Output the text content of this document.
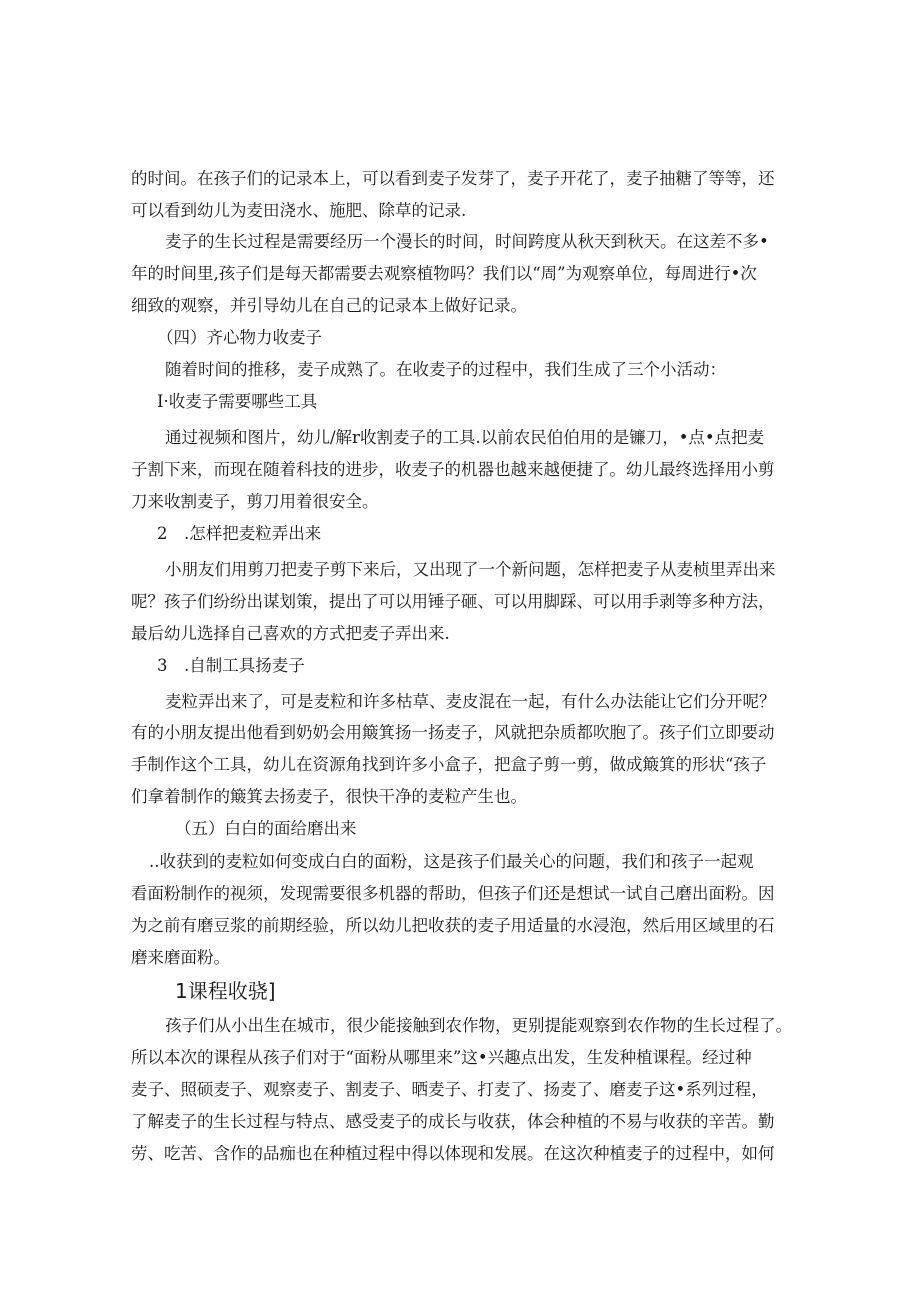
的时间。在孩子们的记录本上，可以看到麦子发芽了，麦子开花了，麦子抽糖了等等，还
可以看到幼儿为麦田浇水、施肥、除草的记录.
麦子的生长过程是需要经历一个漫长的时间，时间跨度从秋天到秋天。在这差不多•
年的时间里,孩子们是每天都需要去观察植物吗？我们以“周”为观察单位，每周进行•次
细致的观察，并引导幼儿在自己的记录本上做好记录。
（四）齐心物力收麦子
随着时间的推移，麦子成熟了。在收麦子的过程中，我们生成了三个小活动：
I·收麦子需要哪些工具
通过视频和图片，幼儿/解r收割麦子的工具.以前农民伯伯用的是镰刀，•点•点把麦
子割下来，而现在随着科技的进步，收麦子的机器也越来越便捷了。幼儿最终选择用小剪
刀来收割麦子，剪刀用着很安全。
2　.怎样把麦粒弄出来
小朋友们用剪刀把麦子剪下来后，又出现了一个新问题，怎样把麦子从麦桢里弄出来
呢？孩子们纷纷出谋划策，提出了可以用锤子砸、可以用脚踩、可以用手剥等多种方法，
最后幼儿选择自己喜欢的方式把麦子弄出来.
3　.自制工具扬麦子
麦粒弄出来了，可是麦粒和许多枯草、麦皮混在一起，有什么办法能让它们分开呢？
有的小朋友提出他看到奶奶会用簸箕扬一扬麦子，风就把杂质都吹胞了。孩子们立即要动
手制作这个工具，幼儿在资源角找到许多小盒子，把盒子剪一剪，做成簸箕的形状“孩子
们拿着制作的簸箕去扬麦子，很快干净的麦粒产生也。
（五）白白的面给磨出来
..收获到的麦粒如何变成白白的面粉，这是孩子们最关心的问题，我们和孩子一起观
看面粉制作的视须，发现需要很多机器的帮助，但孩子们还是想试一试自己磨出面粉。因
为之前有磨豆浆的前期经验，所以幼儿把收获的麦子用适量的水浸泡，然后用区域里的石
磨来磨面粉。
1课程收骁]
孩子们从小出生在城市，很少能接触到农作物，更别提能观察到农作物的生长过程了。
所以本次的课程从孩子们对于“面粉从哪里来”这•兴趣点出发，生发种植课程。经过种
麦子、照硕麦子、观察麦子、割麦子、晒麦子、打麦了、扬麦了、磨麦子这•系列过程，
了解麦子的生长过程与特点、感受麦子的成长与收获，体会种植的不易与收获的辛苦。勤
劳、吃苦、含作的品痂也在种植过程中得以体现和发展。在这次种植麦子的过程中，如何
